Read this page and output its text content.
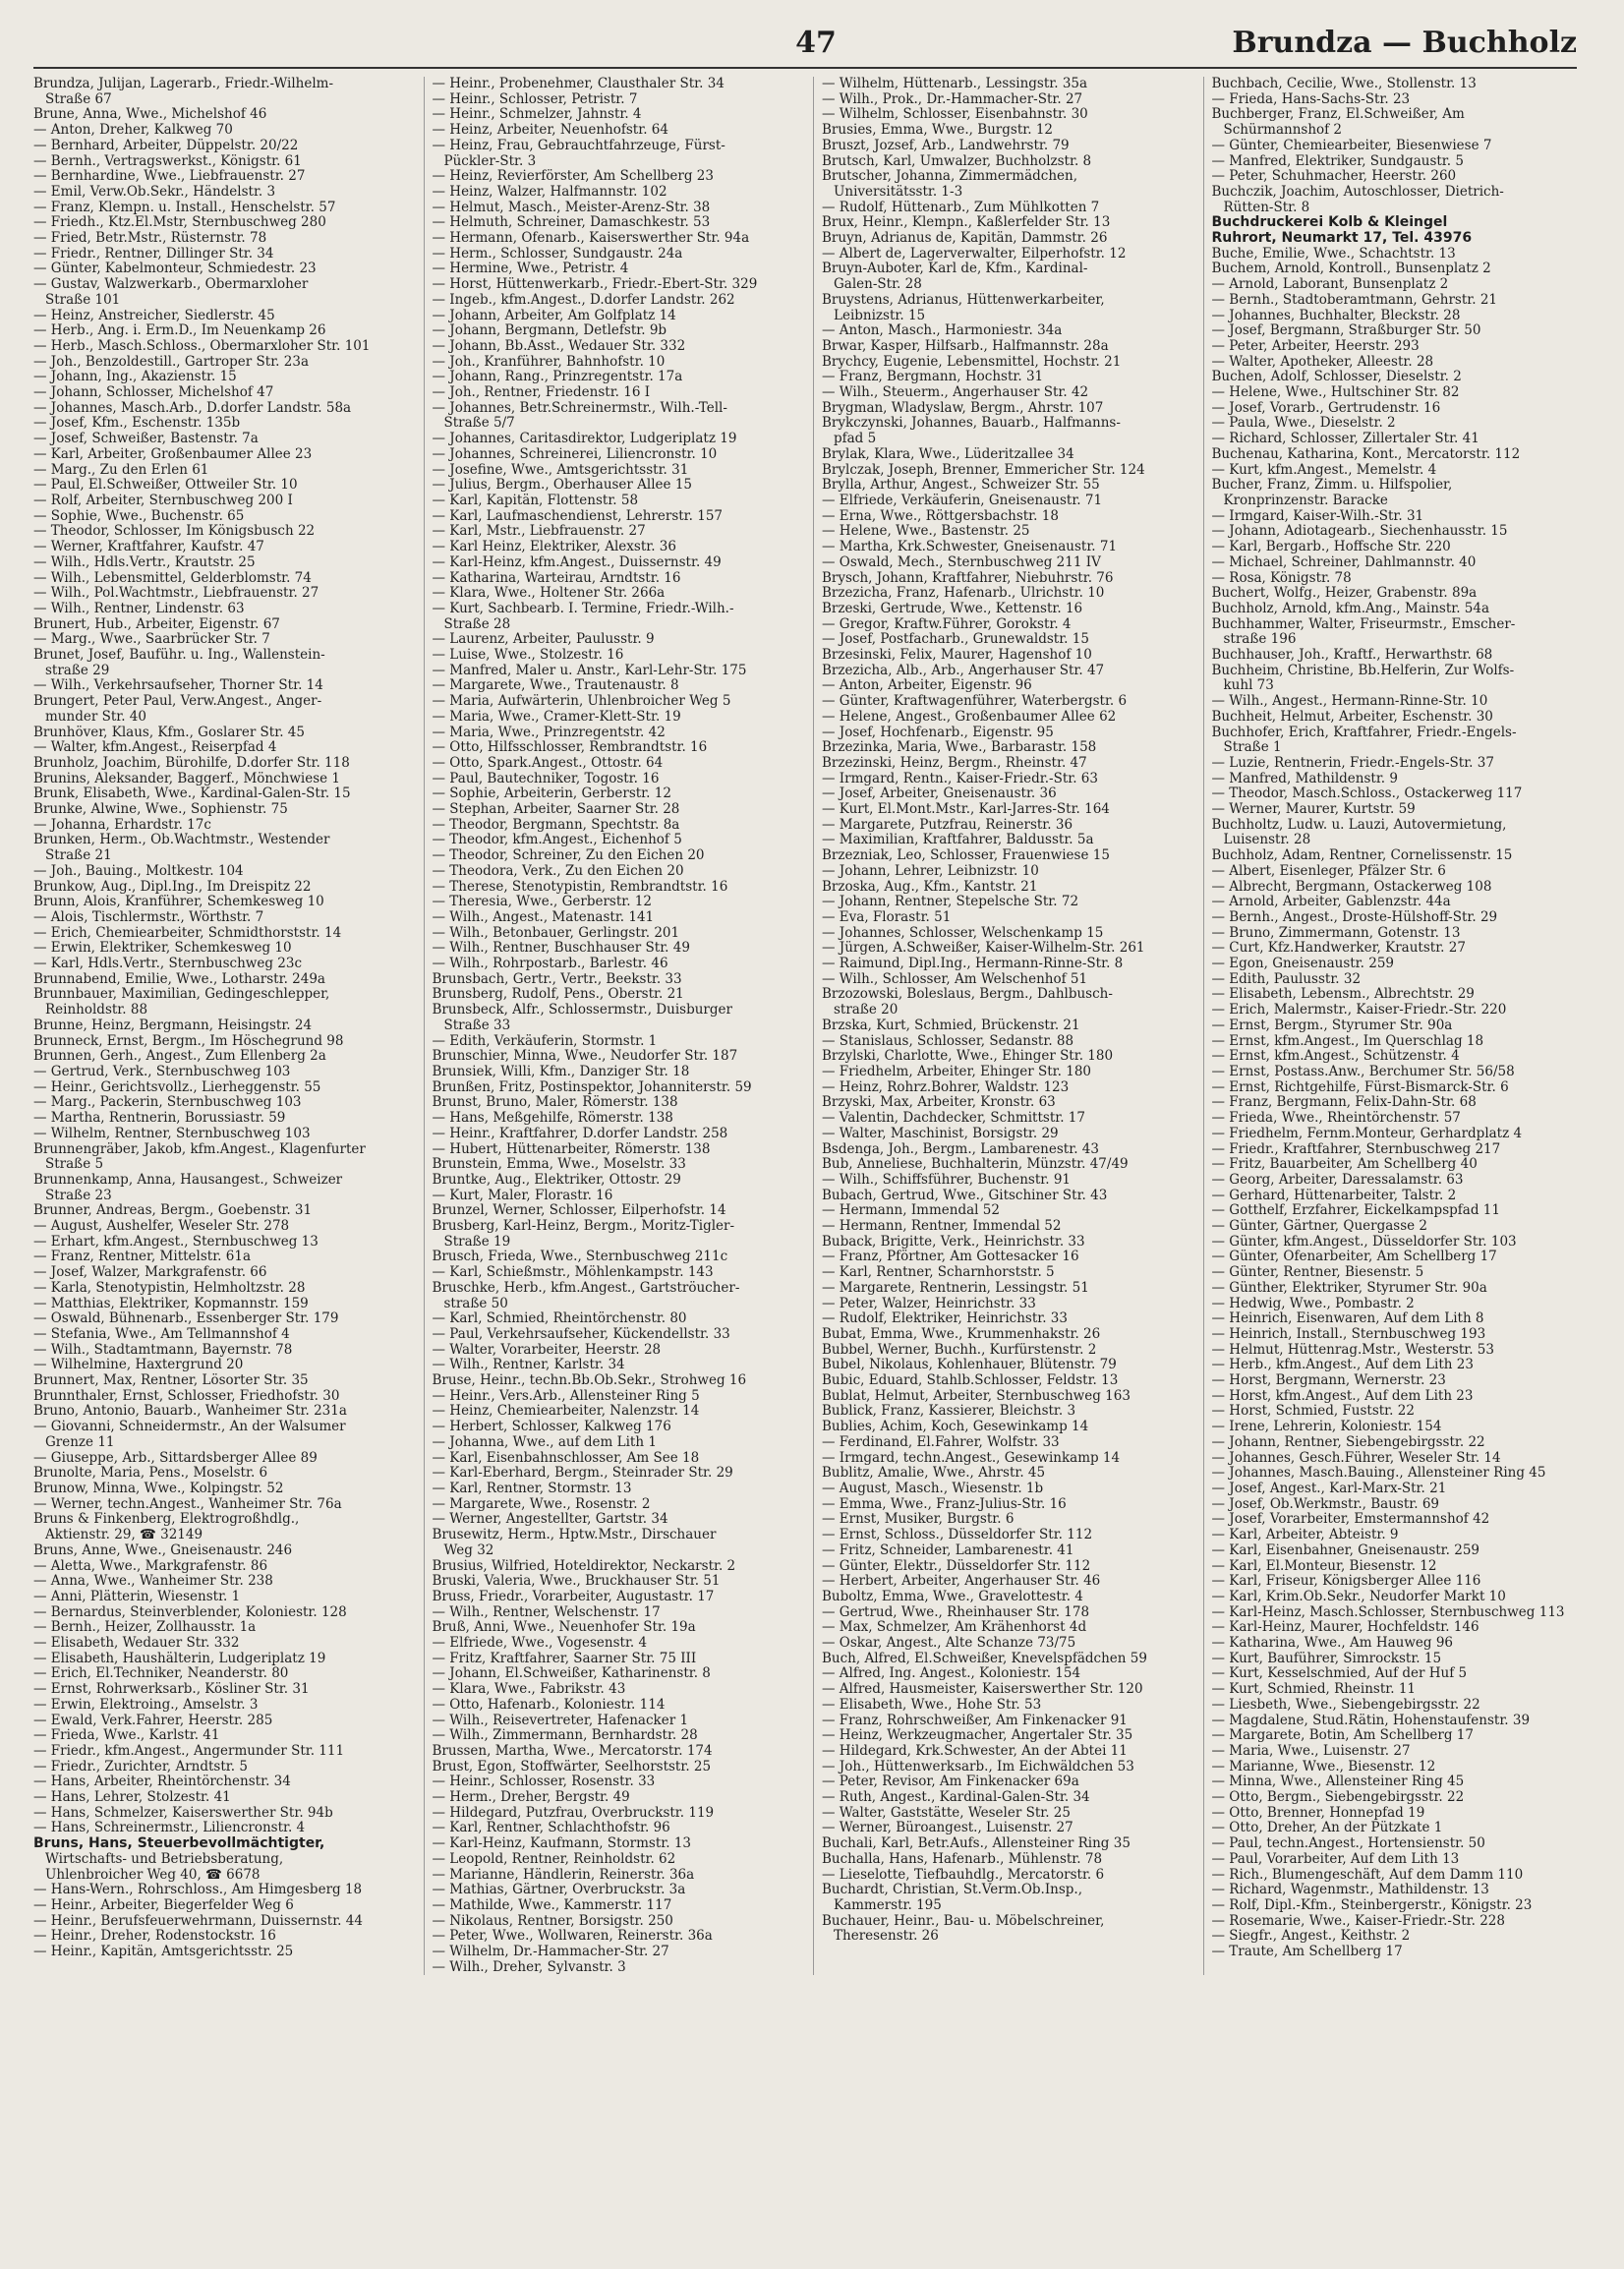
47	Brundza — Buchholz
Brundza, Julijan, Lagerarb., Friedr.-Wilhelm-
Straße 67
Brune, Anna, Wwe., Michelshof 46
— Anton, Dreher, Kalkweg 70
— Bernhard, Arbeiter, Düppelstr. 20/22
— Bernh., Vertragswerkst., Königstr. 61
— Bernhardine, Wwe., Liebfrauenstr. 27
— Emil, Verw.Ob.Sekr., Händelstr. 3
— Franz, Klempn. u. Install., Henschelstr. 57
— Friedh., Ktz.El.Mstr, Sternbuschweg 280
— Fried, Betr.Mstr., Rüsternstr. 78
— Friedr., Rentner, Dillinger Str. 34
— Günter, Kabelmonteur, Schmiedestr. 23
— Gustav, Walzwerkarb., Obermarxloher
Straße 101
— Heinz, Anstreicher, Siedlerstr. 45
— Herb., Ang. i. Erm.D., Im Neuenkamp 26
— Herb., Masch.Schloss., Obermarxloher Str. 101
— Joh., Benzoldestill., Gartroper Str. 23a
— Johann, Ing., Akazienstr. 15
— Johann, Schlosser, Michelshof 47
— Johannes, Masch.Arb., D.dorfer Landstr. 58a
— Josef, Kfm., Eschenstr. 135b
— Josef, Schweißer, Bastenstr. 7a
— Karl, Arbeiter, Großenbaumer Allee 23
— Marg., Zu den Erlen 61
— Paul, El.Schweißer, Ottweiler Str. 10
— Rolf, Arbeiter, Sternbuschweg 200 I
— Sophie, Wwe., Buchenstr. 65
— Theodor, Schlosser, Im Königsbusch 22
— Werner, Kraftfahrer, Kaufstr. 47
— Wilh., Hdls.Vertr., Krautstr. 25
— Wilh., Lebensmittel, Gelderblomstr. 74
— Wilh., Pol.Wachtmstr., Liebfrauenstr. 27
— Wilh., Rentner, Lindenstr. 63
Brunert, Hub., Arbeiter, Eigenstr. 67
— Marg., Wwe., Saarbrücker Str. 7
Brunet, Josef, Bauführ. u. Ing., Wallenstein-
straße 29
— Wilh., Verkehrsaufseher, Thorner Str. 14
Brungert, Peter Paul, Verw.Angest., Anger-
munder Str. 40
Brunhöver, Klaus, Kfm., Goslarer Str. 45
— Walter, kfm.Angest., Reiserpfad 4
Brunholz, Joachim, Bürohilfe, D.dorfer Str. 118
Brunins, Aleksander, Baggerf., Mönchwiese 1
Brunk, Elisabeth, Wwe., Kardinal-Galen-Str. 15
Brunke, Alwine, Wwe., Sophienstr. 75
— Johanna, Erhardstr. 17c
Brunken, Herm., Ob.Wachtmstr., Westender
Straße 21
— Joh., Bauing., Moltkestr. 104
Brunkow, Aug., Dipl.Ing., Im Dreispitz 22
Brunn, Alois, Kranführer, Schemkesweg 10
— Alois, Tischlermstr., Wörthstr. 7
— Erich, Chemiearbeiter, Schmidthorststr. 14
— Erwin, Elektriker, Schemkesweg 10
— Karl, Hdls.Vertr., Sternbuschweg 23c
Brunnabend, Emilie, Wwe., Lotharstr. 249a
Brunnbauer, Maximilian, Gedingeschlepper,
Reinholdstr. 88
Brunne, Heinz, Bergmann, Heisingstr. 24
Brunneck, Ernst, Bergm., Im Höschegrund 98
Brunnen, Gerh., Angest., Zum Ellenberg 2a
— Gertrud, Verk., Sternbuschweg 103
— Heinr., Gerichtsvollz., Lierheggenstr. 55
— Marg., Packerin, Sternbuschweg 103
— Martha, Rentnerin, Borussiastr. 59
— Wilhelm, Rentner, Sternbuschweg 103
Brunnengräber, Jakob, kfm.Angest., Klagenfurter
Straße 5
Brunnenkamp, Anna, Hausangest., Schweizer
Straße 23
Brunner, Andreas, Bergm., Goebenstr. 31
— August, Aushelfer, Weseler Str. 278
— Erhart, kfm.Angest., Sternbuschweg 13
— Franz, Rentner, Mittelstr. 61a
— Josef, Walzer, Markgrafenstr. 66
— Karla, Stenotypistin, Helmholtzstr. 28
— Matthias, Elektriker, Kopmannstr. 159
— Oswald, Bühnenarb., Essenberger Str. 179
— Stefania, Wwe., Am Tellmannshof 4
— Wilh., Stadtamtmann, Bayernstr. 78
— Wilhelmine, Haxtergrund 20
Brunnert, Max, Rentner, Lösorter Str. 35
Brunnthaler, Ernst, Schlosser, Friedhofstr. 30
Bruno, Antonio, Bauarb., Wanheimer Str. 231a
— Giovanni, Schneidermstr., An der Walsumer
Grenze 11
— Giuseppe, Arb., Sittardsberger Allee 89
Brunolte, Maria, Pens., Moselstr. 6
Brunow, Minna, Wwe., Kolpingstr. 52
— Werner, techn.Angest., Wanheimer Str. 76a
Bruns & Finkenberg, Elektrogroßhdlg.,
Aktienstr. 29, ☎ 32149
Bruns, Anne, Wwe., Gneisenaustr. 246
— Aletta, Wwe., Markgrafenstr. 86
— Anna, Wwe., Wanheimer Str. 238
— Anni, Plätterin, Wiesenstr. 1
— Bernardus, Steinverblender, Koloniestr. 128
— Bernh., Heizer, Zollhausstr. 1a
— Elisabeth, Wedauer Str. 332
— Elisabeth, Haushälterin, Ludgeriplatz 19
— Erich, El.Techniker, Neanderstr. 80
— Ernst, Rohrwerksarb., Kösliner Str. 31
— Erwin, Elektroing., Amselstr. 3
— Ewald, Verk.Fahrer, Heerstr. 285
— Frieda, Wwe., Karlstr. 41
— Friedr., kfm.Angest., Angermunder Str. 111
— Friedr., Zurichter, Arndtstr. 5
— Hans, Arbeiter, Rheintörchenstr. 34
— Hans, Lehrer, Stolzestr. 41
— Hans, Schmelzer, Kaiserswerther Str. 94b
— Hans, Schreinermstr., Liliencronstr. 4
Bruns, Hans, Steuerbevollmächtigter,
Wirtschafts- und Betriebsberatung,
Uhlenbroicher Weg 40, ☎ 6678
— Hans-Wern., Rohrschloss., Am Himgesberg 18
— Heinr., Arbeiter, Biegerfelder Weg 6
— Heinr., Berufsfeuerwehrmann, Duissernstr. 44
— Heinr., Dreher, Rodenstockstr. 16
— Heinr., Kapitän, Amtsgerichtsstr. 25
— Heinr., Probenehmer, Clausthaler Str. 34
— Heinr., Schlosser, Petristr. 7
— Heinr., Schmelzer, Jahnstr. 4
— Heinz, Arbeiter, Neuenhofstr. 64
— Heinz, Frau, Gebrauchtfahrzeuge, Fürst-
Pückler-Str. 3
— Heinz, Revierförster, Am Schellberg 23
— Heinz, Walzer, Halfmannstr. 102
— Helmut, Masch., Meister-Arenz-Str. 38
— Helmuth, Schreiner, Damaschkestr. 53
— Hermann, Ofenarb., Kaiserswerther Str. 94a
— Herm., Schlosser, Sundgaustr. 24a
— Hermine, Wwe., Petristr. 4
— Horst, Hüttenwerkarb., Friedr.-Ebert-Str. 329
— Ingeb., kfm.Angest., D.dorfer Landstr. 262
— Johann, Arbeiter, Am Golfplatz 14
— Johann, Bergmann, Detlefstr. 9b
— Johann, Bb.Asst., Wedauer Str. 332
— Joh., Kranführer, Bahnhofstr. 10
— Johann, Rang., Prinzregentstr. 17a
— Joh., Rentner, Friedenstr. 16 I
— Johannes, Betr.Schreinermstr., Wilh.-Tell-
Straße 5/7
— Johannes, Caritasdirektor, Ludgeriplatz 19
— Johannes, Schreinerei, Liliencronstr. 10
— Josefine, Wwe., Amtsgerichtsstr. 31
— Julius, Bergm., Oberhauser Allee 15
— Karl, Kapitän, Flottenstr. 58
— Karl, Laufmaschendienst, Lehrerstr. 157
— Karl, Mstr., Liebfrauenstr. 27
— Karl Heinz, Elektriker, Alexstr. 36
— Karl-Heinz, kfm.Angest., Duissernstr. 49
— Katharina, Warteirau, Arndtstr. 16
— Klara, Wwe., Holtener Str. 266a
— Kurt, Sachbearb. I. Termine, Friedr.-Wilh.-
Straße 28
— Laurenz, Arbeiter, Paulusstr. 9
— Luise, Wwe., Stolzestr. 16
— Manfred, Maler u. Anstr., Karl-Lehr-Str. 175
— Margarete, Wwe., Trautenaustr. 8
— Maria, Aufwärterin, Uhlenbroicher Weg 5
— Maria, Wwe., Cramer-Klett-Str. 19
— Maria, Wwe., Prinzregentstr. 42
— Otto, Hilfsschlosser, Rembrandtstr. 16
— Otto, Spark.Angest., Ottostr. 64
— Paul, Bautechniker, Togostr. 16
— Sophie, Arbeiterin, Gerberstr. 12
— Stephan, Arbeiter, Saarner Str. 28
— Theodor, Bergmann, Spechtstr. 8a
— Theodor, kfm.Angest., Eichenhof 5
— Theodor, Schreiner, Zu den Eichen 20
— Theodora, Verk., Zu den Eichen 20
— Therese, Stenotypistin, Rembrandtstr. 16
— Theresia, Wwe., Gerberstr. 12
— Wilh., Angest., Matenastr. 141
— Wilh., Betonbauer, Gerlingstr. 201
— Wilh., Rentner, Buschhauser Str. 49
— Wilh., Rohrpostarb., Barlestr. 46
Brunsbach, Gertr., Vertr., Beekstr. 33
Brunsberg, Rudolf, Pens., Oberstr. 21
Brunsbeck, Alfr., Schlossermstr., Duisburger
Straße 33
— Edith, Verkäuferin, Stormstr. 1
Brunschier, Minna, Wwe., Neudorfer Str. 187
Brunsiek, Willi, Kfm., Danziger Str. 18
Brunßen, Fritz, Postinspektor, Johanniterstr. 59
Brunst, Bruno, Maler, Römerstr. 138
— Hans, Meßgehilfe, Römerstr. 138
— Heinr., Kraftfahrer, D.dorfer Landstr. 258
— Hubert, Hüttenarbeiter, Römerstr. 138
Brunstein, Emma, Wwe., Moselstr. 33
Bruntke, Aug., Elektriker, Ottostr. 29
— Kurt, Maler, Florastr. 16
Brunzel, Werner, Schlosser, Eilperhofstr. 14
Brusberg, Karl-Heinz, Bergm., Moritz-Tigler-
Straße 19
Brusch, Frieda, Wwe., Sternbuschweg 211c
— Karl, Schießmstr., Möhlenkampstr. 143
Bruschke, Herb., kfm.Angest., Gartströucher-
straße 50
— Karl, Schmied, Rheintörchenstr. 80
— Paul, Verkehrsaufseher, Kückendellstr. 33
— Walter, Vorarbeiter, Heerstr. 28
— Wilh., Rentner, Karlstr. 34
Bruse, Heinr., techn.Bb.Ob.Sekr., Strohweg 16
— Heinr., Vers.Arb., Allensteiner Ring 5
— Heinz, Chemiearbeiter, Nalenzstr. 14
— Herbert, Schlosser, Kalkweg 176
— Johanna, Wwe., auf dem Lith 1
— Karl, Eisenbahnschlosser, Am See 18
— Karl-Eberhard, Bergm., Steinrader Str. 29
— Karl, Rentner, Stormstr. 13
— Margarete, Wwe., Rosenstr. 2
— Werner, Angestellter, Gartstr. 34
Brusewitz, Herm., Hptw.Mstr., Dirschauer
Weg 32
Brusius, Wilfried, Hoteldirektor, Neckarstr. 2
Bruski, Valeria, Wwe., Bruckhauser Str. 51
Bruss, Friedr., Vorarbeiter, Augustastr. 17
— Wilh., Rentner, Welschenstr. 17
Bruß, Anni, Wwe., Neuenhofer Str. 19a
— Elfriede, Wwe., Vogesenstr. 4
— Fritz, Kraftfahrer, Saarner Str. 75 III
— Johann, El.Schweißer, Katharinenstr. 8
— Klara, Wwe., Fabrikstr. 43
— Otto, Hafenarb., Koloniestr. 114
— Wilh., Reisevertreter, Hafenacker 1
— Wilh., Zimmermann, Bernhardstr. 28
Brussen, Martha, Wwe., Mercatorstr. 174
Brust, Egon, Stoffwärter, Seelhorststr. 25
— Heinr., Schlosser, Rosenstr. 33
— Herm., Dreher, Bergstr. 49
— Hildegard, Putzfrau, Overbruckstr. 119
— Karl, Rentner, Schlachthofstr. 96
— Karl-Heinz, Kaufmann, Stormstr. 13
— Leopold, Rentner, Reinholdstr. 62
— Marianne, Händlerin, Reinerstr. 36a
— Mathias, Gärtner, Overbruckstr. 3a
— Mathilde, Wwe., Kammerstr. 117
— Nikolaus, Rentner, Borsigstr. 250
— Peter, Wwe., Wollwaren, Reinerstr. 36a
— Wilhelm, Dr.-Hammacher-Str. 27
— Wilh., Dreher, Sylvanstr. 3
— Wilhelm, Hüttenarb., Lessingstr. 35a
— Wilh., Prok., Dr.-Hammacher-Str. 27
— Wilhelm, Schlosser, Eisenbahnstr. 30
Brusies, Emma, Wwe., Burgstr. 12
Bruszt, Jozsef, Arb., Landwehrstr. 79
Brutsch, Karl, Umwalzer, Buchholzstr. 8
Brutscher, Johanna, Zimmermädchen,
Universitätsstr. 1-3
— Rudolf, Hüttenarb., Zum Mühlkotten 7
Brux, Heinr., Klempn., Kaßlerfelder Str. 13
Bruyn, Adrianus de, Kapitän, Dammstr. 26
— Albert de, Lagerverwalter, Eilperhofstr. 12
Bruyn-Auboter, Karl de, Kfm., Kardinal-
Galen-Str. 28
Bruystens, Adrianus, Hüttenwerkarbeiter,
Leibnizstr. 15
— Anton, Masch., Harmoniestr. 34a
Brwar, Kasper, Hilfsarb., Halfmannstr. 28a
Brychcy, Eugenie, Lebensmittel, Hochstr. 21
— Franz, Bergmann, Hochstr. 31
— Wilh., Steuerm., Angerhauser Str. 42
Brygman, Wladyslaw, Bergm., Ahrstr. 107
Brykczynski, Johannes, Bauarb., Halfmanns-
pfad 5
Brylak, Klara, Wwe., Lüderitzallee 34
Brylczak, Joseph, Brenner, Emmericher Str. 124
Brylla, Arthur, Angest., Schweizer Str. 55
— Elfriede, Verkäuferin, Gneisenaustr. 71
— Erna, Wwe., Röttgersbachstr. 18
— Helene, Wwe., Bastenstr. 25
— Martha, Krk.Schwester, Gneisenaustr. 71
— Oswald, Mech., Sternbuschweg 211 IV
Brysch, Johann, Kraftfahrer, Niebuhrstr. 76
Brzezicha, Franz, Hafenarb., Ulrichstr. 10
Brzeski, Gertrude, Wwe., Kettenstr. 16
— Gregor, Kraftw.Führer, Gorokstr. 4
— Josef, Postfacharb., Grunewaldstr. 15
Brzesinski, Felix, Maurer, Hagenshof 10
Brzezicha, Alb., Arb., Angerhauser Str. 47
— Anton, Arbeiter, Eigenstr. 96
— Günter, Kraftwagenführer, Waterbergstr. 6
— Helene, Angest., Großenbaumer Allee 62
— Josef, Hochfenarb., Eigenstr. 95
Brzezinka, Maria, Wwe., Barbarastr. 158
Brzezinski, Heinz, Bergm., Rheinstr. 47
— Irmgard, Rentn., Kaiser-Friedr.-Str. 63
— Josef, Arbeiter, Gneisenaustr. 36
— Kurt, El.Mont.Mstr., Karl-Jarres-Str. 164
— Margarete, Putzfrau, Reinerstr. 36
— Maximilian, Kraftfahrer, Baldusstr. 5a
Brzezniak, Leo, Schlosser, Frauenwiese 15
— Johann, Lehrer, Leibnizstr. 10
Brzoska, Aug., Kfm., Kantstr. 21
— Johann, Rentner, Stepelsche Str. 72
— Eva, Florastr. 51
— Johannes, Schlosser, Welschenkamp 15
— Jürgen, A.Schweißer, Kaiser-Wilhelm-Str. 261
— Raimund, Dipl.Ing., Hermann-Rinne-Str. 8
— Wilh., Schlosser, Am Welschenhof 51
Brzozowski, Boleslaus, Bergm., Dahlbusch-
straße 20
Brzska, Kurt, Schmied, Brückenstr. 21
— Stanislaus, Schlosser, Sedanstr. 88
Brzylski, Charlotte, Wwe., Ehinger Str. 180
— Friedhelm, Arbeiter, Ehinger Str. 180
— Heinz, Rohrz.Bohrer, Waldstr. 123
Brzyski, Max, Arbeiter, Kronstr. 63
— Valentin, Dachdecker, Schmittstr. 17
— Walter, Maschinist, Borsigstr. 29
Bsdenga, Joh., Bergm., Lambarenestr. 43
Bub, Anneliese, Buchhalterin, Münzstr. 47/49
— Wilh., Schiffsführer, Buchenstr. 91
Bubach, Gertrud, Wwe., Gitschiner Str. 43
— Hermann, Immendal 52
— Hermann, Rentner, Immendal 52
Buback, Brigitte, Verk., Heinrichstr. 33
— Franz, Pförtner, Am Gottesacker 16
— Karl, Rentner, Scharnhorststr. 5
— Margarete, Rentnerin, Lessingstr. 51
— Peter, Walzer, Heinrichstr. 33
— Rudolf, Elektriker, Heinrichstr. 33
Bubat, Emma, Wwe., Krummenhakstr. 26
Bubbel, Werner, Buchh., Kurfürstenstr. 2
Bubel, Nikolaus, Kohlenhauer, Blütenstr. 79
Bubic, Eduard, Stahlb.Schlosser, Feldstr. 13
Bublat, Helmut, Arbeiter, Sternbuschweg 163
Bublick, Franz, Kassierer, Bleichstr. 3
Bublies, Achim, Koch, Gesewinkamp 14
— Ferdinand, El.Fahrer, Wolfstr. 33
— Irmgard, techn.Angest., Gesewinkamp 14
Bublitz, Amalie, Wwe., Ahrstr. 45
— August, Masch., Wiesenstr. 1b
— Emma, Wwe., Franz-Julius-Str. 16
— Ernst, Musiker, Burgstr. 6
— Ernst, Schloss., Düsseldorfer Str. 112
— Fritz, Schneider, Lambarenestr. 41
— Günter, Elektr., Düsseldorfer Str. 112
— Herbert, Arbeiter, Angerhauser Str. 46
Buboltz, Emma, Wwe., Gravelottestr. 4
— Gertrud, Wwe., Rheinhauser Str. 178
— Max, Schmelzer, Am Krähenhorst 4d
— Oskar, Angest., Alte Schanze 73/75
Buch, Alfred, El.Schweißer, Knevelspfädchen 59
— Alfred, Ing. Angest., Koloniestr. 154
— Alfred, Hausmeister, Kaiserswerther Str. 120
— Elisabeth, Wwe., Hohe Str. 53
— Franz, Rohrschweißer, Am Finkenacker 91
— Heinz, Werkzeugmacher, Angertaler Str. 35
— Hildegard, Krk.Schwester, An der Abtei 11
— Joh., Hüttenwerksarb., Im Eichwäldchen 53
— Peter, Revisor, Am Finkenacker 69a
— Ruth, Angest., Kardinal-Galen-Str. 34
— Walter, Gaststätte, Weseler Str. 25
— Werner, Büroangest., Luisenstr. 27
Buchali, Karl, Betr.Aufs., Allensteiner Ring 35
Buchalla, Hans, Hafenarb., Mühlenstr. 78
— Lieselotte, Tiefbauhdlg., Mercatorstr. 6
Buchardt, Christian, St.Verm.Ob.Insp.,
Kammerstr. 195
Buchauer, Heinr., Bau- u. Möbelschreiner,
Theresenstr. 26
Buchbach, Cecilie, Wwe., Stollenstr. 13
— Frieda, Hans-Sachs-Str. 23
Buchberger, Franz, El.Schweißer, Am
Schürmannshof 2
— Günter, Chemiearbeiter, Biesenwiese 7
— Manfred, Elektriker, Sundgaustr. 5
— Peter, Schuhmacher, Heerstr. 260
Buchczik, Joachim, Autoschlosser, Dietrich-
Rütten-Str. 8
Buchdruckerei Kolb & Kleingel
Ruhrort, Neumarkt 17, Tel. 43976
Buche, Emilie, Wwe., Schachtstr. 13
Buchem, Arnold, Kontroll., Bunsenplatz 2
— Arnold, Laborant, Bunsenplatz 2
— Bernh., Stadtoberamtmann, Gehrstr. 21
— Johannes, Buchhalter, Bleckstr. 28
— Josef, Bergmann, Straßburger Str. 50
— Peter, Arbeiter, Heerstr. 293
— Walter, Apotheker, Alleestr. 28
Buchen, Adolf, Schlosser, Dieselstr. 2
— Helene, Wwe., Hultschiner Str. 82
— Josef, Vorarb., Gertrudenstr. 16
— Paula, Wwe., Dieselstr. 2
— Richard, Schlosser, Zillertaler Str. 41
Buchenau, Katharina, Kont., Mercatorstr. 112
— Kurt, kfm.Angest., Memelstr. 4
Bucher, Franz, Zimm. u. Hilfspolier,
Kronprinzenstr. Baracke
— Irmgard, Kaiser-Wilh.-Str. 31
— Johann, Adiotagearb., Siechenhausstr. 15
— Karl, Bergarb., Hoffsche Str. 220
— Michael, Schreiner, Dahlmannstr. 40
— Rosa, Königstr. 78
Buchert, Wolfg., Heizer, Grabenstr. 89a
Buchholz, Arnold, kfm.Ang., Mainstr. 54a
Buchhammer, Walter, Friseurmstr., Emscher-
straße 196
Buchhauser, Joh., Kraftf., Herwarthstr. 68
Buchheim, Christine, Bb.Helferin, Zur Wolfs-
kuhl 73
— Wilh., Angest., Hermann-Rinne-Str. 10
Buchheit, Helmut, Arbeiter, Eschenstr. 30
Buchhofer, Erich, Kraftfahrer, Friedr.-Engels-
Straße 1
— Luzie, Rentnerin, Friedr.-Engels-Str. 37
— Manfred, Mathildenstr. 9
— Theodor, Masch.Schloss., Ostackerweg 117
— Werner, Maurer, Kurtstr. 59
Buchholtz, Ludw. u. Lauzi, Autovermietung,
Luisenstr. 28
Buchholz, Adam, Rentner, Cornelissenstr. 15
— Albert, Eisenleger, Pfälzer Str. 6
— Albrecht, Bergmann, Ostackerweg 108
— Arnold, Arbeiter, Gablenzstr. 44a
— Bernh., Angest., Droste-Hülshoff-Str. 29
— Bruno, Zimmermann, Gotenstr. 13
— Curt, Kfz.Handwerker, Krautstr. 27
— Egon, Gneisenaustr. 259
— Edith, Paulusstr. 32
— Elisabeth, Lebensm., Albrechtstr. 29
— Erich, Malermstr., Kaiser-Friedr.-Str. 220
— Ernst, Bergm., Styrumer Str. 90a
— Ernst, kfm.Angest., Im Querschlag 18
— Ernst, kfm.Angest., Schützenstr. 4
— Ernst, Postass.Anw., Berchumer Str. 56/58
— Ernst, Richtgehilfe, Fürst-Bismarck-Str. 6
— Franz, Bergmann, Felix-Dahn-Str. 68
— Frieda, Wwe., Rheintörchenstr. 57
— Friedhelm, Fernm.Monteur, Gerhardplatz 4
— Friedr., Kraftfahrer, Sternbuschweg 217
— Fritz, Bauarbeiter, Am Schellberg 40
— Georg, Arbeiter, Daressalamstr. 63
— Gerhard, Hüttenarbeiter, Talstr. 2
— Gotthelf, Erzfahrer, Eickelkampspfad 11
— Günter, Gärtner, Quergasse 2
— Günter, kfm.Angest., Düsseldorfer Str. 103
— Günter, Ofenarbeiter, Am Schellberg 17
— Günter, Rentner, Biesenstr. 5
— Günther, Elektriker, Styrumer Str. 90a
— Hedwig, Wwe., Pombastr. 2
— Heinrich, Eisenwaren, Auf dem Lith 8
— Heinrich, Install., Sternbuschweg 193
— Helmut, Hüttenrag.Mstr., Westerstr. 53
— Herb., kfm.Angest., Auf dem Lith 23
— Horst, Bergmann, Wernerstr. 23
— Horst, kfm.Angest., Auf dem Lith 23
— Horst, Schmied, Fuststr. 22
— Irene, Lehrerin, Koloniestr. 154
— Johann, Rentner, Siebengebirgsstr. 22
— Johannes, Gesch.Führer, Weseler Str. 14
— Johannes, Masch.Bauing., Allensteiner Ring 45
— Josef, Angest., Karl-Marx-Str. 21
— Josef, Ob.Werkmstr., Baustr. 69
— Josef, Vorarbeiter, Emstermannshof 42
— Karl, Arbeiter, Abteistr. 9
— Karl, Eisenbahner, Gneisenaustr. 259
— Karl, El.Monteur, Biesenstr. 12
— Karl, Friseur, Königsberger Allee 116
— Karl, Krim.Ob.Sekr., Neudorfer Markt 10
— Karl-Heinz, Masch.Schlosser, Sternbuschweg 113
— Karl-Heinz, Maurer, Hochfeldstr. 146
— Katharina, Wwe., Am Hauweg 96
— Kurt, Bauführer, Simrockstr. 15
— Kurt, Kesselschmied, Auf der Huf 5
— Kurt, Schmied, Rheinstr. 11
— Liesbeth, Wwe., Siebengebirgsstr. 22
— Magdalene, Stud.Rätin, Hohenstaufenstr. 39
— Margarete, Botin, Am Schellberg 17
— Maria, Wwe., Luisenstr. 27
— Marianne, Wwe., Biesenstr. 12
— Minna, Wwe., Allensteiner Ring 45
— Otto, Bergm., Siebengebirgsstr. 22
— Otto, Brenner, Honnepfad 19
— Otto, Dreher, An der Pützkate 1
— Paul, techn.Angest., Hortensienstr. 50
— Paul, Vorarbeiter, Auf dem Lith 13
— Rich., Blumengeschäft, Auf dem Damm 110
— Richard, Wagenmstr., Mathildenstr. 13
— Rolf, Dipl.-Kfm., Steinbergerstr., Königstr. 23
— Rosemarie, Wwe., Kaiser-Friedr.-Str. 228
— Siegfr., Angest., Keithstr. 2
— Traute, Am Schellberg 17
